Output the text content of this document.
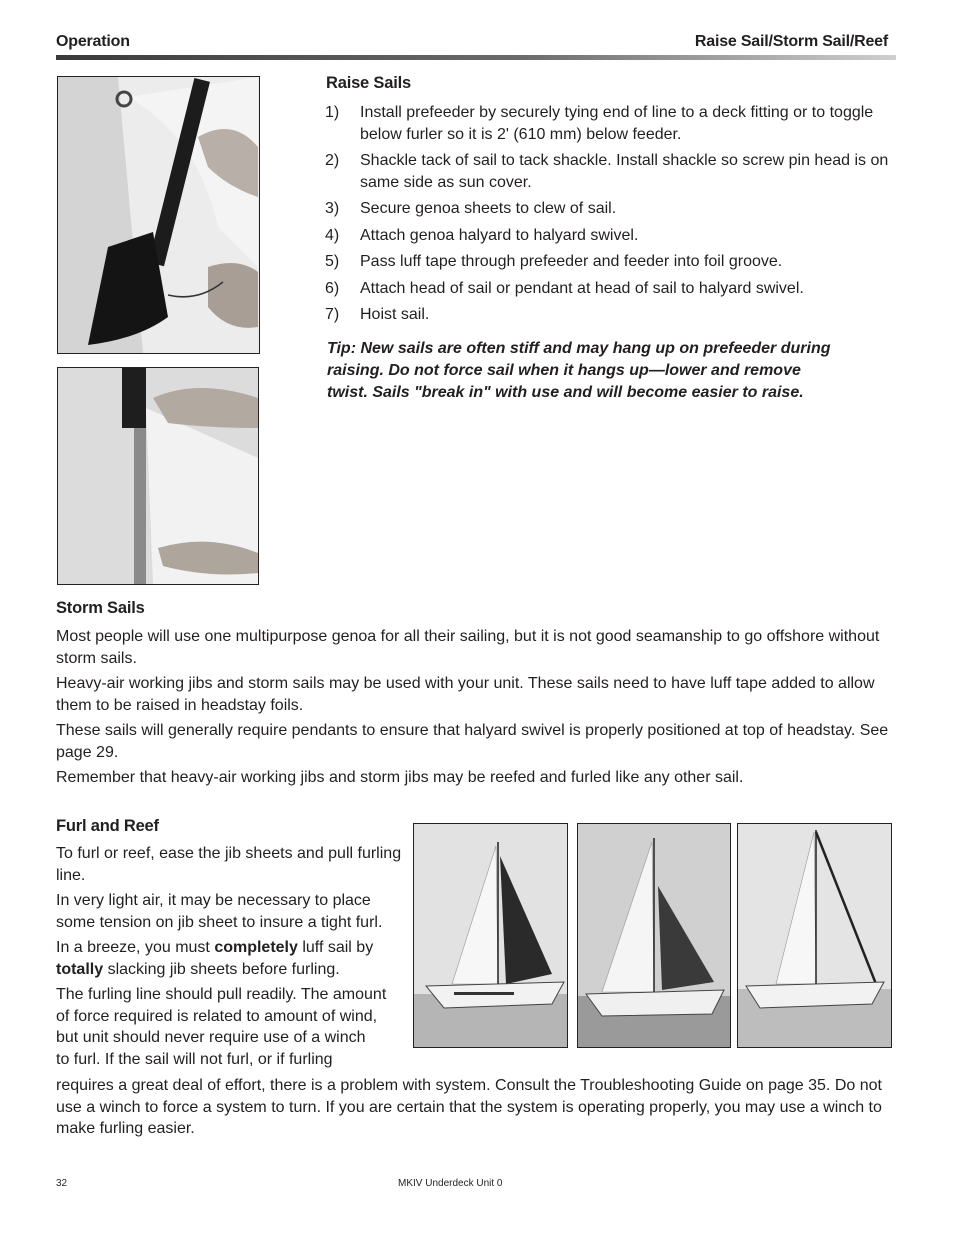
Operation	Raise Sail/Storm Sail/Reef
Raise Sails
1) Install prefeeder by securely tying end of line to a deck fitting or to toggle below furler so it is 2' (610 mm) below feeder.
2) Shackle tack of sail to tack shackle. Install shackle so screw pin head is on same side as sun cover.
3) Secure genoa sheets to clew of sail.
4) Attach genoa halyard to halyard swivel.
5) Pass luff tape through prefeeder and feeder into foil groove.
6) Attach head of sail or pendant at head of sail to halyard swivel.
7) Hoist sail.
Tip: New sails are often stiff and may hang up on prefeeder during
raising. Do not force sail when it hangs up—lower and remove
twist. Sails "break in" with use and will become easier to raise.
Storm Sails

Most people will use one multipurpose genoa for all their sailing, but it is not good seamanship to go offshore without storm sails.

Heavy-air working jibs and storm sails may be used with your unit. These sails need to have luff tape added to allow them to be raised in headstay foils.

These sails will generally require pendants to ensure that halyard swivel is properly positioned at top of headstay. See page 29.

Remember that heavy-air working jibs and storm jibs may be reefed and furled like any other sail.

Furl and Reef

To furl or reef, ease the jib sheets and pull furling line.

In very light air, it may be necessary to place some tension on jib sheet to insure a tight furl.

In a breeze, you must completely luff sail by totally slacking jib sheets before furling.

The furling line should pull readily. The amount
of force required is related to amount of wind,
but unit should never require use of a winch
to furl. If the sail will not furl, or if furling

requires a great deal of effort, there is a problem with system. Consult the Troubleshooting Guide on page 35. Do not use a winch to force a system to turn. If you are certain that the system is operating properly, you may use a winch to make furling easier.

32	MKIV Underdeck Unit 0
